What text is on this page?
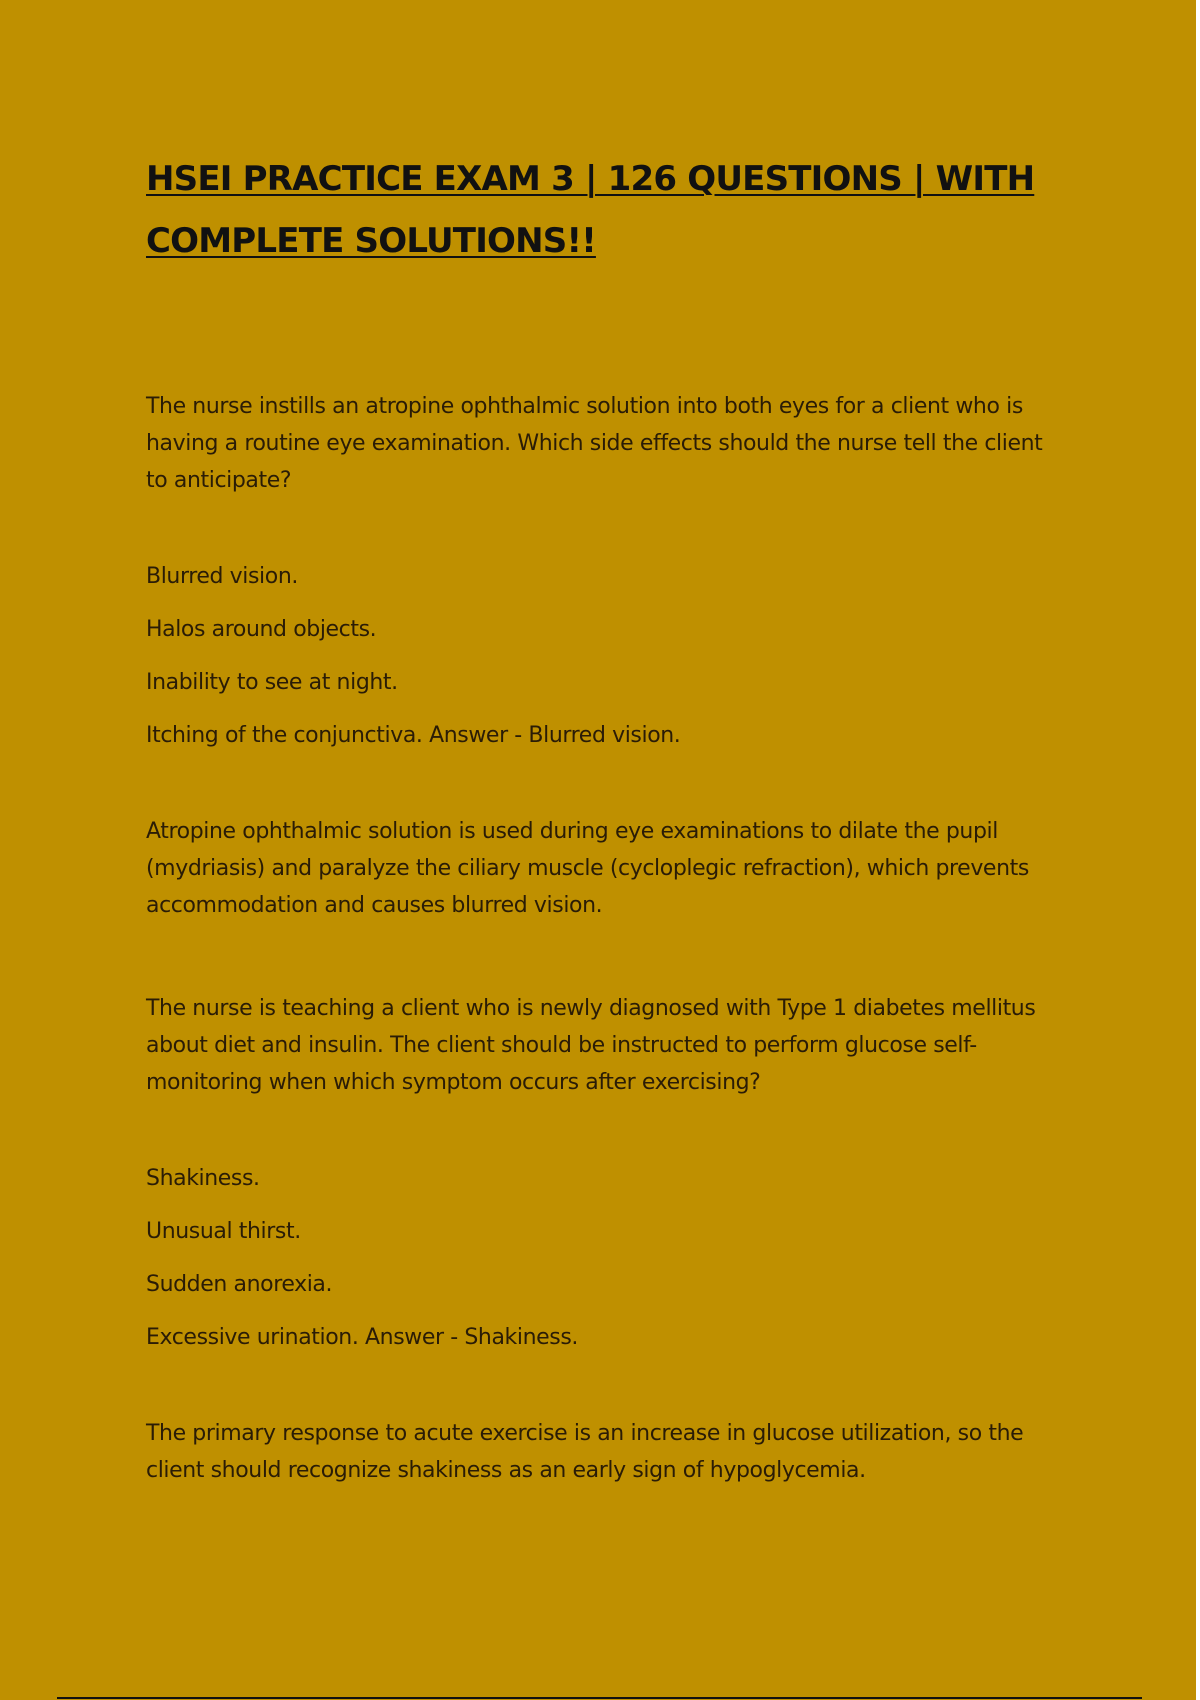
HSEI PRACTICE EXAM 3 | 126 QUESTIONS | WITH COMPLETE SOLUTIONS!!

The nurse instills an atropine ophthalmic solution into both eyes for a client who is having a routine eye examination. Which side effects should the nurse tell the client to anticipate?

Blurred vision.

Halos around objects.

Inability to see at night.

Itching of the conjunctiva. Answer - Blurred vision.

Atropine ophthalmic solution is used during eye examinations to dilate the pupil (mydriasis) and paralyze the ciliary muscle (cycloplegic refraction), which prevents accommodation and causes blurred vision.

The nurse is teaching a client who is newly diagnosed with Type 1 diabetes mellitus about diet and insulin. The client should be instructed to perform glucose self-monitoring when which symptom occurs after exercising?

Shakiness.

Unusual thirst.

Sudden anorexia.

Excessive urination. Answer - Shakiness.

The primary response to acute exercise is an increase in glucose utilization, so the client should recognize shakiness as an early sign of hypoglycemia.
